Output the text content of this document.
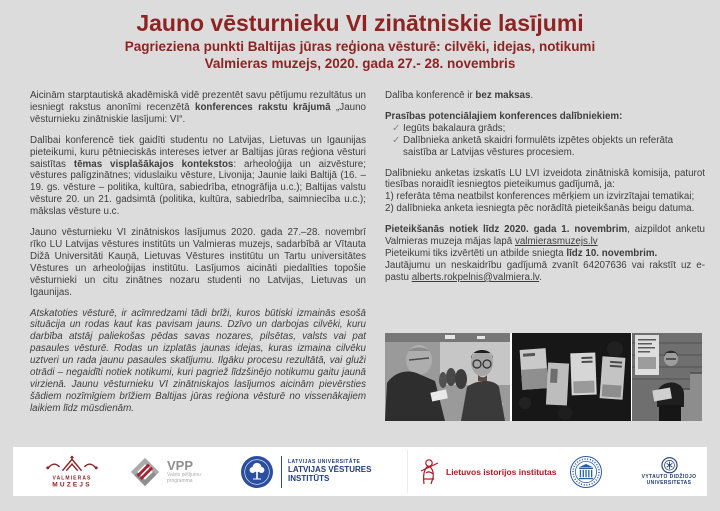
Jauno vēsturnieku VI zinātniskie lasījumi
Pagrieziena punkti Baltijas jūras reģiona vēsturē: cilvēki, idejas, notikumi
Valmieras muzejs, 2020. gada 27.- 28. novembris

Aicinām starptautiskā akadēmiskā vidē prezentēt savu pētījumu rezultātus un iesniegt rakstus anonīmi recenzētā konferences rakstu krājumā „Jauno vēsturnieku zinātniskie lasījumi: VI“.

Dalībai konferencē tiek gaidīti studentu no Latvijas, Lietuvas un Igaunijas pieteikumi, kuru pētnieciskās intereses ietver ar Baltijas jūras reģiona vēsturi saistītas tēmas visplašākajos kontekstos: arheoloģija un aizvēsture; vēstures palīgzinātnes; viduslaiku vēsture, Livonija; Jaunie laiki Baltijā (16. – 19. gs. vēsture – politika, kultūra, sabiedrība, etnogrāfija u.c.); Baltijas valstu vēsture 20. un 21. gadsimtā (politika, kultūra, sabiedrība, saimniecība u.c.); mākslas vēsture u.c.

Jauno vēsturnieku VI zinātniskos lasījumus 2020. gada 27.–28. novembrī rīko LU Latvijas vēstures institūts un Valmieras muzejs, sadarbībā ar Vītauta Dižā Universitāti Kauņā, Lietuvas Vēstures institūtu un Tartu universitātes Vēstures un arheoloģijas institūtu. Lasījumos aicināti piedalīties topošie vēsturnieki un citu zinātnes nozaru studenti no Latvijas, Lietuvas un Igaunijas.

Atskatoties vēsturē, ir acīmredzami tādi brīži, kuros būtiski izmainās esošā situācija un rodas kaut kas pavisam jauns. Dzīvo un darbojas cilvēki, kuru darbība atstāj paliekošas pēdas savas nozares, pilsētas, valsts vai pat pasaules vēsturē. Rodas un izplatās jaunas idejas, kuras izmaina cilvēku uztveri un rada jaunu pasaules skatījumu. Ilgāku procesu rezultātā, vai gluži otrādi – negaidīti notiek notikumi, kuri pagriež līdzšinējo notikumu gaitu jaunā virzienā. Jaunu vēsturnieku VI zinātniskajos lasījumos aicinām pievērsties šādiem nozīmīgiem brīžiem Baltijas jūras reģiona vēsturē no vissenākajiem laikiem līdz mūsdienām.

Dalība konferencē ir bez maksas.

Prasības potenciālajiem konferences dalībniekiem:

✓ Iegūts bakalaura grāds;
✓ Dalībnieka anketā skaidri formulēts izpētes objekts un referāta saistība ar Latvijas vēstures procesiem.

Dalībnieku anketas izskatīs LU LVI izveidota zinātniskā komisija, paturot tiesības noraidīt iesniegtos pieteikumus gadījumā, ja:

1) referāta tēma neatbilst konferences mērķiem un izvirzītajai tematikai;

2) dalībnieka anketa iesniegta pēc norādītā pieteikšanās beigu datuma.

Pieteikšanās notiek līdz 2020. gada 1. novembrim, aizpildot anketu Valmieras muzeja mājas lapā valmierasmuzejs.lv

Pieteikumi tiks izvērtēti un atbilde sniegta līdz 10. novembrim.

Jautājumu un neskaidrību gadījumā zvanīt 64207636 vai rakstīt uz e-pastu alberts.rokpelnis@valmiera.lv.

VALMIERAS
MUZEJS
VPP
Valsts pētījumu
programma
LATVIJAS UNIVERSITĀTE
LATVIJAS VĒSTURES
INSTITŪTS
Lietuvos istorijos institutas	VYTAUTO DIDŽIOJO
UNIVERSITETAS
